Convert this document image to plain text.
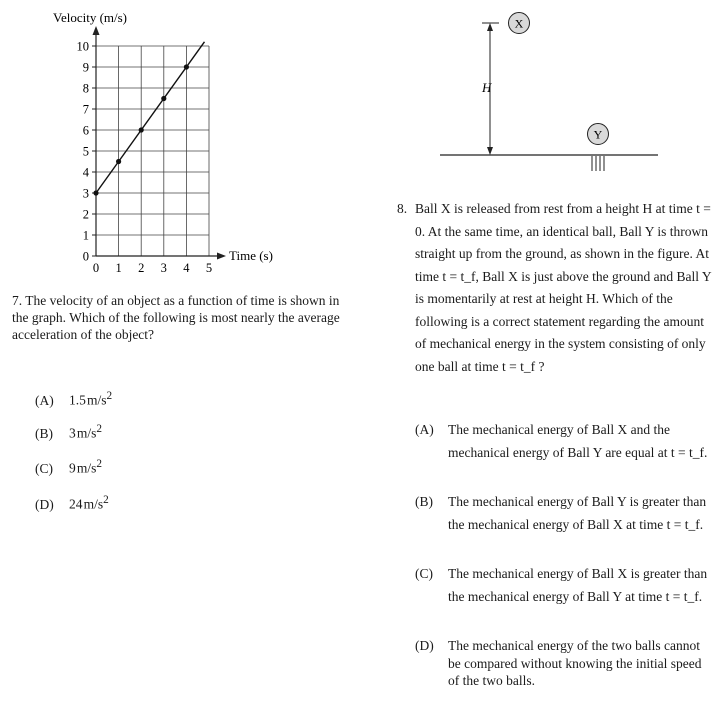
Velocity (m/s)
0
1
2
3
4
5
6
7
8
9
10
0 1 2 3 4 5
Time (s)
7. The velocity of an object as a function of time is shown in the graph. Which of the following is most nearly the average acceleration of the object?
(A) 1.5 $m/s^2$
(B) 3 $m/s^2$
(C) 9 $m/s^2$
(D) 24 $m/s^2$
H
X
Y
8. Ball X is released from rest from a height H at time t = 0. At the same time, an identical ball, Ball Y is thrown straight up from the ground, as shown in the figure. At time t = t_f, Ball X is just above the ground and Ball Y is momentarily at rest at height H. Which of the following is a correct statement regarding the amount of mechanical energy in the system consisting of only one ball at time t = t_f ?
(A) The mechanical energy of Ball X and the mechanical energy of Ball Y are equal at t = t_f.
(B) The mechanical energy of Ball Y is greater than the mechanical energy of Ball X at time t = t_f.
(C) The mechanical energy of Ball X is greater than the mechanical energy of Ball Y at time t = t_f.
(D) The mechanical energy of the two balls cannot be compared without knowing the initial speed of the two balls.
